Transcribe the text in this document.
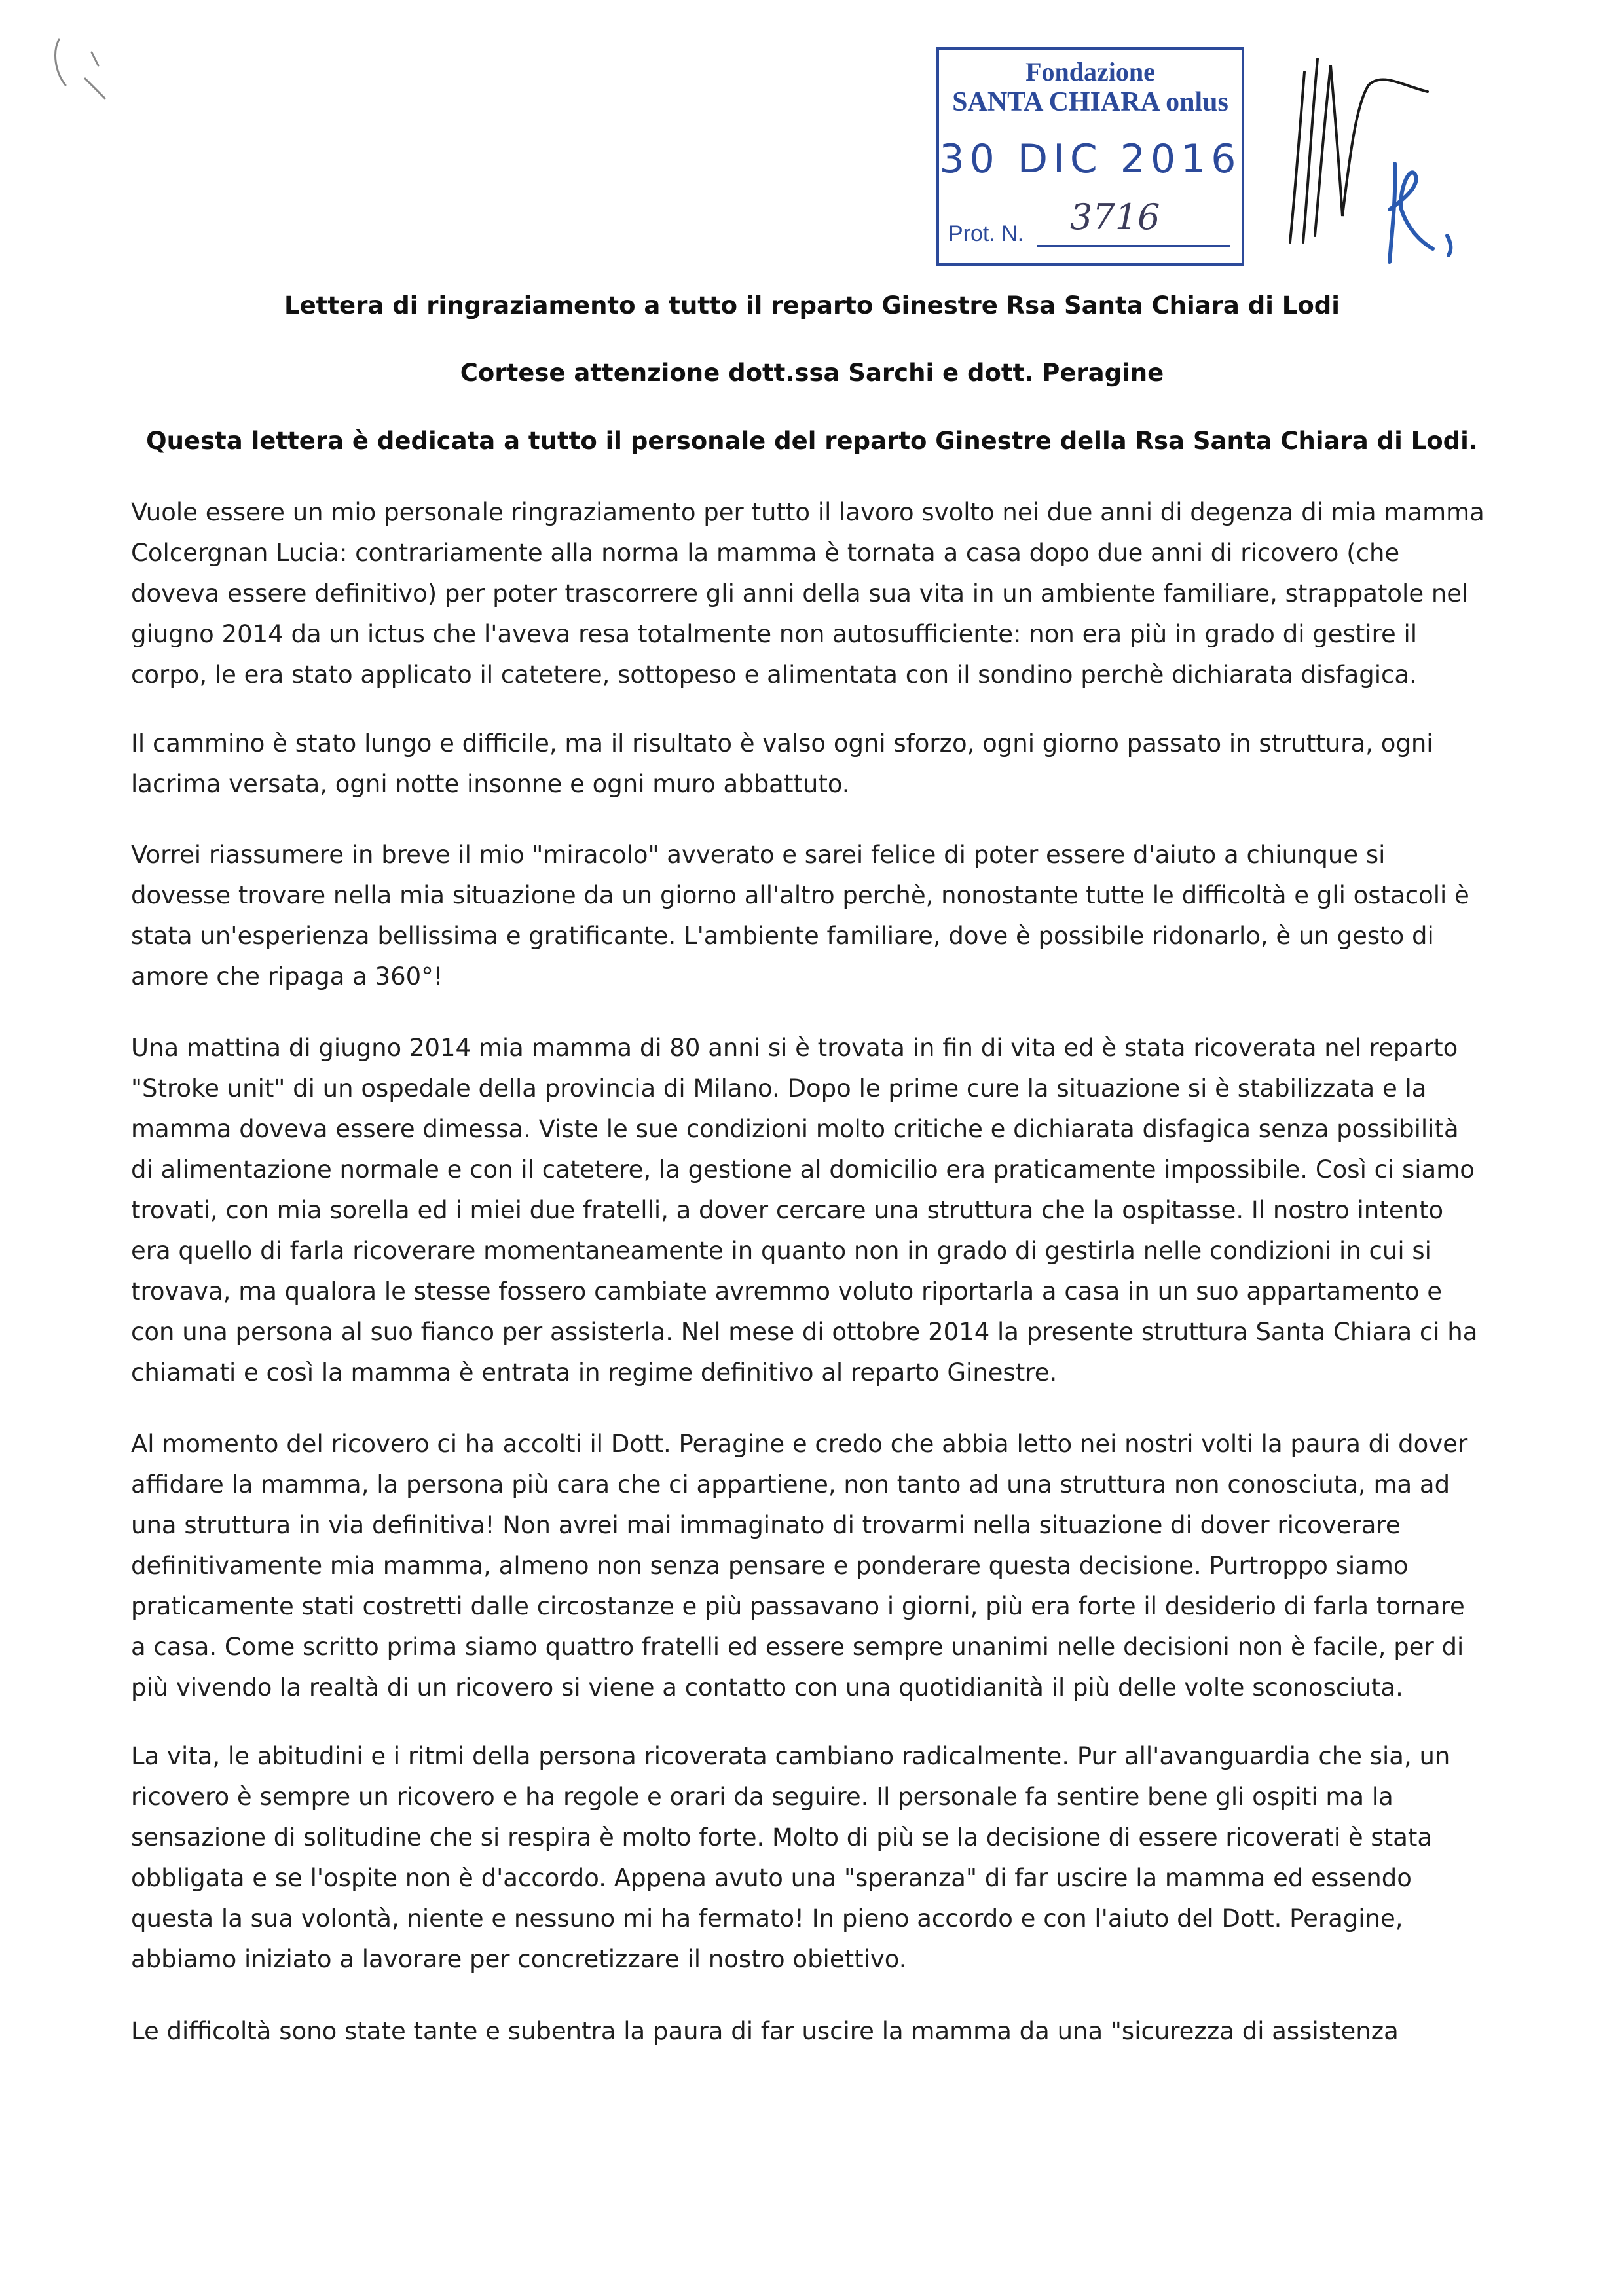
Fondazione
SANTA CHIARA onlus
30 DIC 2016
Prot. N. 3716
Lettera di ringraziamento a tutto il reparto Ginestre Rsa Santa Chiara di Lodi
Cortese attenzione dott.ssa Sarchi e dott. Peragine
Questa lettera è dedicata a tutto il personale del reparto Ginestre della Rsa Santa Chiara di Lodi.
Vuole essere un mio personale ringraziamento per tutto il lavoro svolto nei due anni di degenza di mia mamma Colcergnan Lucia: contrariamente alla norma la mamma è tornata a casa dopo due anni di ricovero (che doveva essere definitivo) per poter trascorrere gli anni della sua vita in un ambiente familiare, strappatole nel giugno 2014 da un ictus che l'aveva resa totalmente non autosufficiente: non era più in grado di gestire il corpo, le era stato applicato il catetere, sottopeso e alimentata con il sondino perchè dichiarata disfagica.
Il cammino è stato lungo e difficile, ma il risultato è valso ogni sforzo, ogni giorno passato in struttura, ogni lacrima versata, ogni notte insonne e ogni muro abbattuto.
Vorrei riassumere in breve il mio "miracolo" avverato e sarei felice di poter essere d'aiuto a chiunque si dovesse trovare nella mia situazione da un giorno all'altro perchè, nonostante tutte le difficoltà e gli ostacoli è stata un'esperienza bellissima e gratificante. L'ambiente familiare, dove è possibile ridonarlo, è un gesto di amore che ripaga a 360°!
Una mattina di giugno 2014 mia mamma di 80 anni si è trovata in fin di vita ed è stata ricoverata nel reparto "Stroke unit" di un ospedale della provincia di Milano. Dopo le prime cure la situazione si è stabilizzata e la mamma doveva essere dimessa. Viste le sue condizioni molto critiche e dichiarata disfagica senza possibilità di alimentazione normale e con il catetere, la gestione al domicilio era praticamente impossibile. Così ci siamo trovati, con mia sorella ed i miei due fratelli, a dover cercare una struttura che la ospitasse. Il nostro intento era quello di farla ricoverare momentaneamente in quanto non in grado di gestirla nelle condizioni in cui si trovava, ma qualora le stesse fossero cambiate avremmo voluto riportarla a casa in un suo appartamento e con una persona al suo fianco per assisterla. Nel mese di ottobre 2014 la presente struttura Santa Chiara ci ha chiamati e così la mamma è entrata in regime definitivo al reparto Ginestre.
Al momento del ricovero ci ha accolti il Dott. Peragine e credo che abbia letto nei nostri volti la paura di dover affidare la mamma, la persona più cara che ci appartiene, non tanto ad una struttura non conosciuta, ma ad una struttura in via definitiva! Non avrei mai immaginato di trovarmi nella situazione di dover ricoverare definitivamente mia mamma, almeno non senza pensare e ponderare questa decisione. Purtroppo siamo praticamente stati costretti dalle circostanze e più passavano i giorni, più era forte il desiderio di farla tornare a casa. Come scritto prima siamo quattro fratelli ed essere sempre unanimi nelle decisioni non è facile, per di più vivendo la realtà di un ricovero si viene a contatto con una quotidianità il più delle volte sconosciuta.
La vita, le abitudini e i ritmi della persona ricoverata cambiano radicalmente. Pur all'avanguardia che sia, un ricovero è sempre un ricovero e ha regole e orari da seguire. Il personale fa sentire bene gli ospiti ma la sensazione di solitudine che si respira è molto forte. Molto di più se la decisione di essere ricoverati è stata obbligata e se l'ospite non è d'accordo. Appena avuto una "speranza" di far uscire la mamma ed essendo questa la sua volontà, niente e nessuno mi ha fermato! In pieno accordo e con l'aiuto del Dott. Peragine, abbiamo iniziato a lavorare per concretizzare il nostro obiettivo.
Le difficoltà sono state tante e subentra la paura di far uscire la mamma da una "sicurezza di assistenza
